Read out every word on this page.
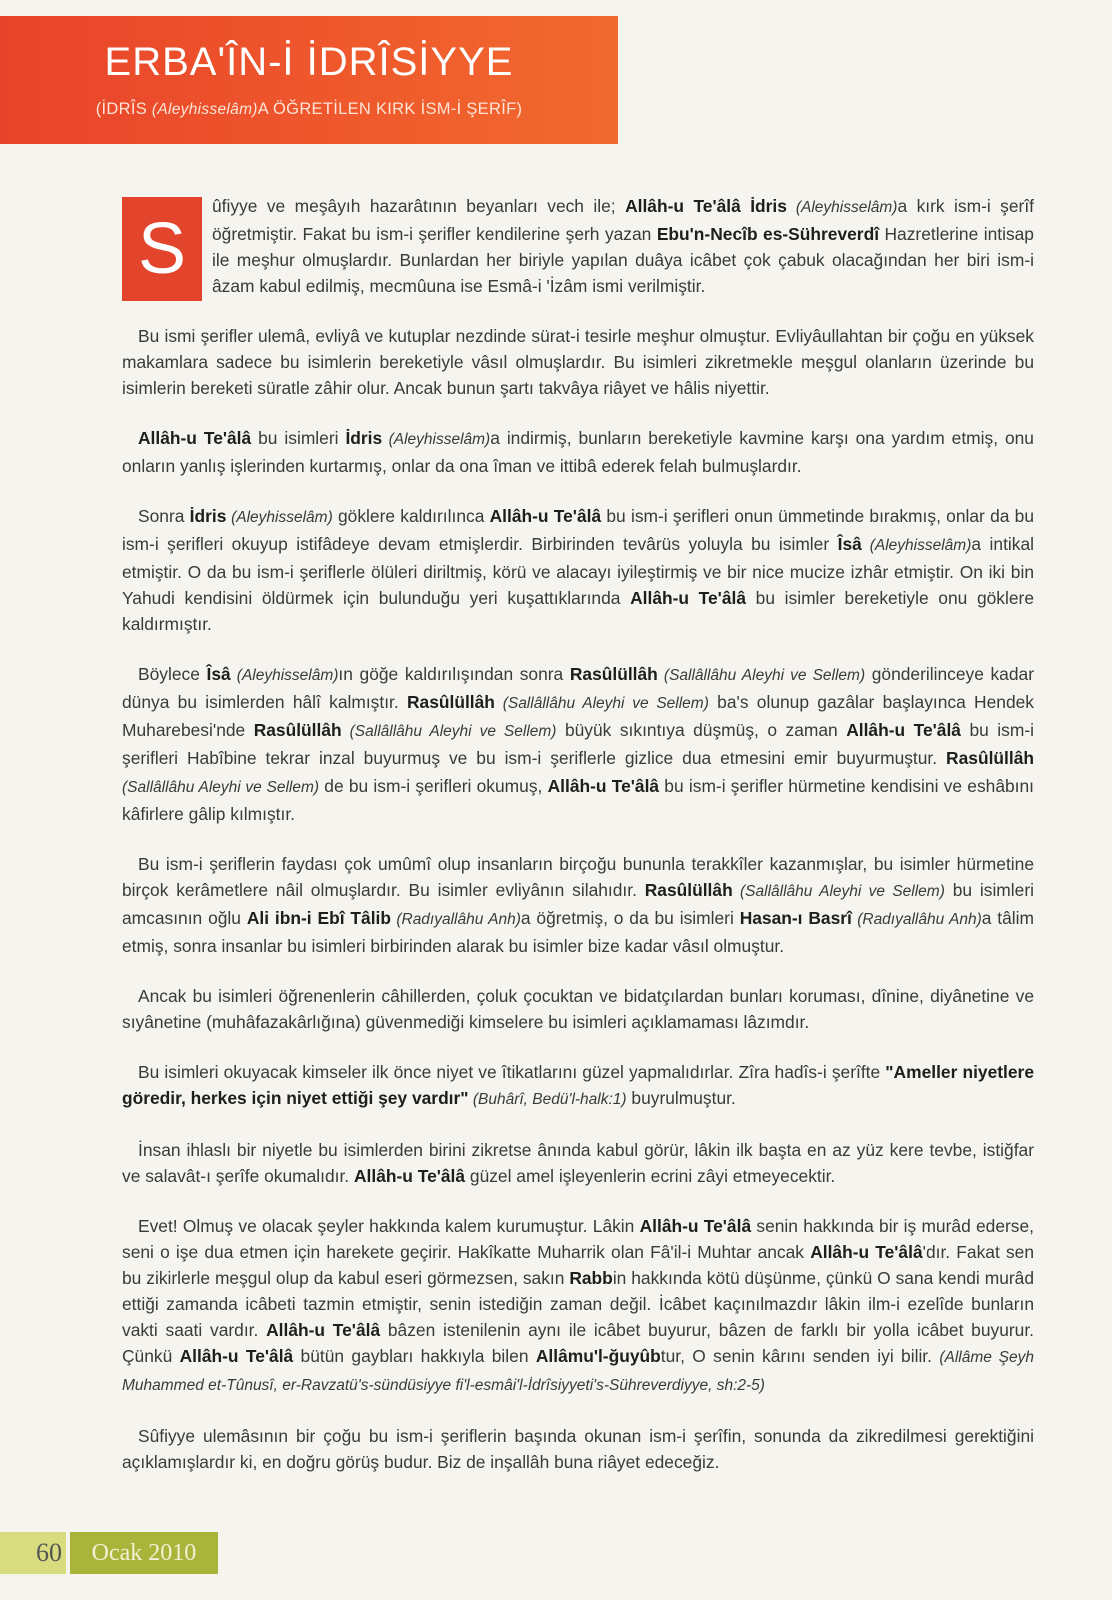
ERBA'ÎN-İ İDRÎSİYYE
(İDRÎS (Aleyhisselâm)A ÖĞRETİLEN KIRK İSM-İ ŞERÎF)

S
ûfiyye ve meşâyıh hazarâtının beyanları vech ile; Allâh-u Te'âlâ İdris (Aleyhisselâm)a kırk ism-i şerîf öğretmiştir. Fakat bu ism-i şerifler kendilerine şerh yazan Ebu'n-Necîb es-Sühreverdî Hazretlerine intisap ile meşhur olmuşlardır. Bunlardan her biriyle yapılan duâya icâbet çok çabuk olacağından her biri ism-i âzam kabul edilmiş, mecmûuna ise Esmâ-i 'İzâm ismi verilmiştir.

Bu ismi şerifler ulemâ, evliyâ ve kutuplar nezdinde sürat-i tesirle meşhur olmuştur. Evliyâullahtan bir çoğu en yüksek makamlara sadece bu isimlerin bereketiyle vâsıl olmuşlardır. Bu isimleri zikretmekle meşgul olanların üzerinde bu isimlerin bereketi süratle zâhir olur. Ancak bunun şartı takvâya riâyet ve hâlis niyettir.

Allâh-u Te'âlâ bu isimleri İdris (Aleyhisselâm)a indirmiş, bunların bereketiyle kavmine karşı ona yardım etmiş, onu onların yanlış işlerinden kurtarmış, onlar da ona îman ve ittibâ ederek felah bulmuşlardır.

Sonra İdris (Aleyhisselâm) göklere kaldırılınca Allâh-u Te'âlâ bu ism-i şerifleri onun ümmetinde bırakmış, onlar da bu ism-i şerifleri okuyup istifâdeye devam etmişlerdir. Birbirinden tevârüs yoluyla bu isimler Îsâ (Aleyhisselâm)a intikal etmiştir. O da bu ism-i şeriflerle ölüleri diriltmiş, körü ve alacayı iyileştirmiş ve bir nice mucize izhâr etmiştir. On iki bin Yahudi kendisini öldürmek için bulunduğu yeri kuşattıklarında Allâh-u Te'âlâ bu isimler bereketiyle onu göklere kaldırmıştır.

Böylece Îsâ (Aleyhisselâm)ın göğe kaldırılışından sonra Rasûlüllâh (Sallâllâhu Aleyhi ve Sellem) gönderilinceye kadar dünya bu isimlerden hâlî kalmıştır. Rasûlüllâh (Sallâllâhu Aleyhi ve Sellem) ba's olunup gazâlar başlayınca Hendek Muharebesi'nde Rasûlüllâh (Sallâllâhu Aleyhi ve Sellem) büyük sıkıntıya düşmüş, o zaman Allâh-u Te'âlâ bu ism-i şerifleri Habîbine tekrar inzal buyurmuş ve bu ism-i şeriflerle gizlice dua etmesini emir buyurmuştur. Rasûlüllâh (Sallâllâhu Aleyhi ve Sellem) de bu ism-i şerifleri okumuş, Allâh-u Te'âlâ bu ism-i şerifler hürmetine kendisini ve eshâbını kâfirlere gâlip kılmıştır.

Bu ism-i şeriflerin faydası çok umûmî olup insanların birçoğu bununla terakkîler kazanmışlar, bu isimler hürmetine birçok kerâmetlere nâil olmuşlardır. Bu isimler evliyânın silahıdır. Rasûlüllâh (Sallâllâhu Aleyhi ve Sellem) bu isimleri amcasının oğlu Ali ibn-i Ebî Tâlib (Radıyallâhu Anh)a öğretmiş, o da bu isimleri Hasan-ı Basrî (Radıyallâhu Anh)a tâlim etmiş, sonra insanlar bu isimleri birbirinden alarak bu isimler bize kadar vâsıl olmuştur.

Ancak bu isimleri öğrenenlerin câhillerden, çoluk çocuktan ve bidatçılardan bunları koruması, dînine, diyânetine ve sıyânetine (muhâfazakârlığına) güvenmediği kimselere bu isimleri açıklamaması lâzımdır.

Bu isimleri okuyacak kimseler ilk önce niyet ve îtikatlarını güzel yapmalıdırlar. Zîra hadîs-i şerîfte "Ameller niyetlere göredir, herkes için niyet ettiği şey vardır" (Buhârî, Bedü'l-halk:1) buyrulmuştur.

İnsan ihlaslı bir niyetle bu isimlerden birini zikretse ânında kabul görür, lâkin ilk başta en az yüz kere tevbe, istiğfar ve salavât-ı şerîfe okumalıdır. Allâh-u Te'âlâ güzel amel işleyenlerin ecrini zâyi etmeyecektir.

Evet! Olmuş ve olacak şeyler hakkında kalem kurumuştur. Lâkin Allâh-u Te'âlâ senin hakkında bir iş murâd ederse, seni o işe dua etmen için harekete geçirir. Hakîkatte Muharrik olan Fâ'il-i Muhtar ancak Allâh-u Te'âlâ'dır. Fakat sen bu zikirlerle meşgul olup da kabul eseri görmezsen, sakın Rabbin hakkında kötü düşünme, çünkü O sana kendi murâd ettiği zamanda icâbeti tazmin etmiştir, senin istediğin zaman değil. İcâbet kaçınılmazdır lâkin ilm-i ezelîde bunların vakti saati vardır. Allâh-u Te'âlâ bâzen istenilenin aynı ile icâbet buyurur, bâzen de farklı bir yolla icâbet buyurur. Çünkü Allâh-u Te'âlâ bütün gaybları hakkıyla bilen Allâmu'l-ğuyûbtur, O senin kârını senden iyi bilir. (Allâme Şeyh Muhammed et-Tûnusî, er-Ravzatü's-sündüsiyye fi'l-esmâi'l-İdrîsiyyeti's-Sühreverdiyye, sh:2-5)

Sûfiyye ulemâsının bir çoğu bu ism-i şeriflerin başında okunan ism-i şerîfin, sonunda da zikredilmesi gerektiğini açıklamışlardır ki, en doğru görüş budur. Biz de inşallâh buna riâyet edeceğiz.

60	Ocak 2010
